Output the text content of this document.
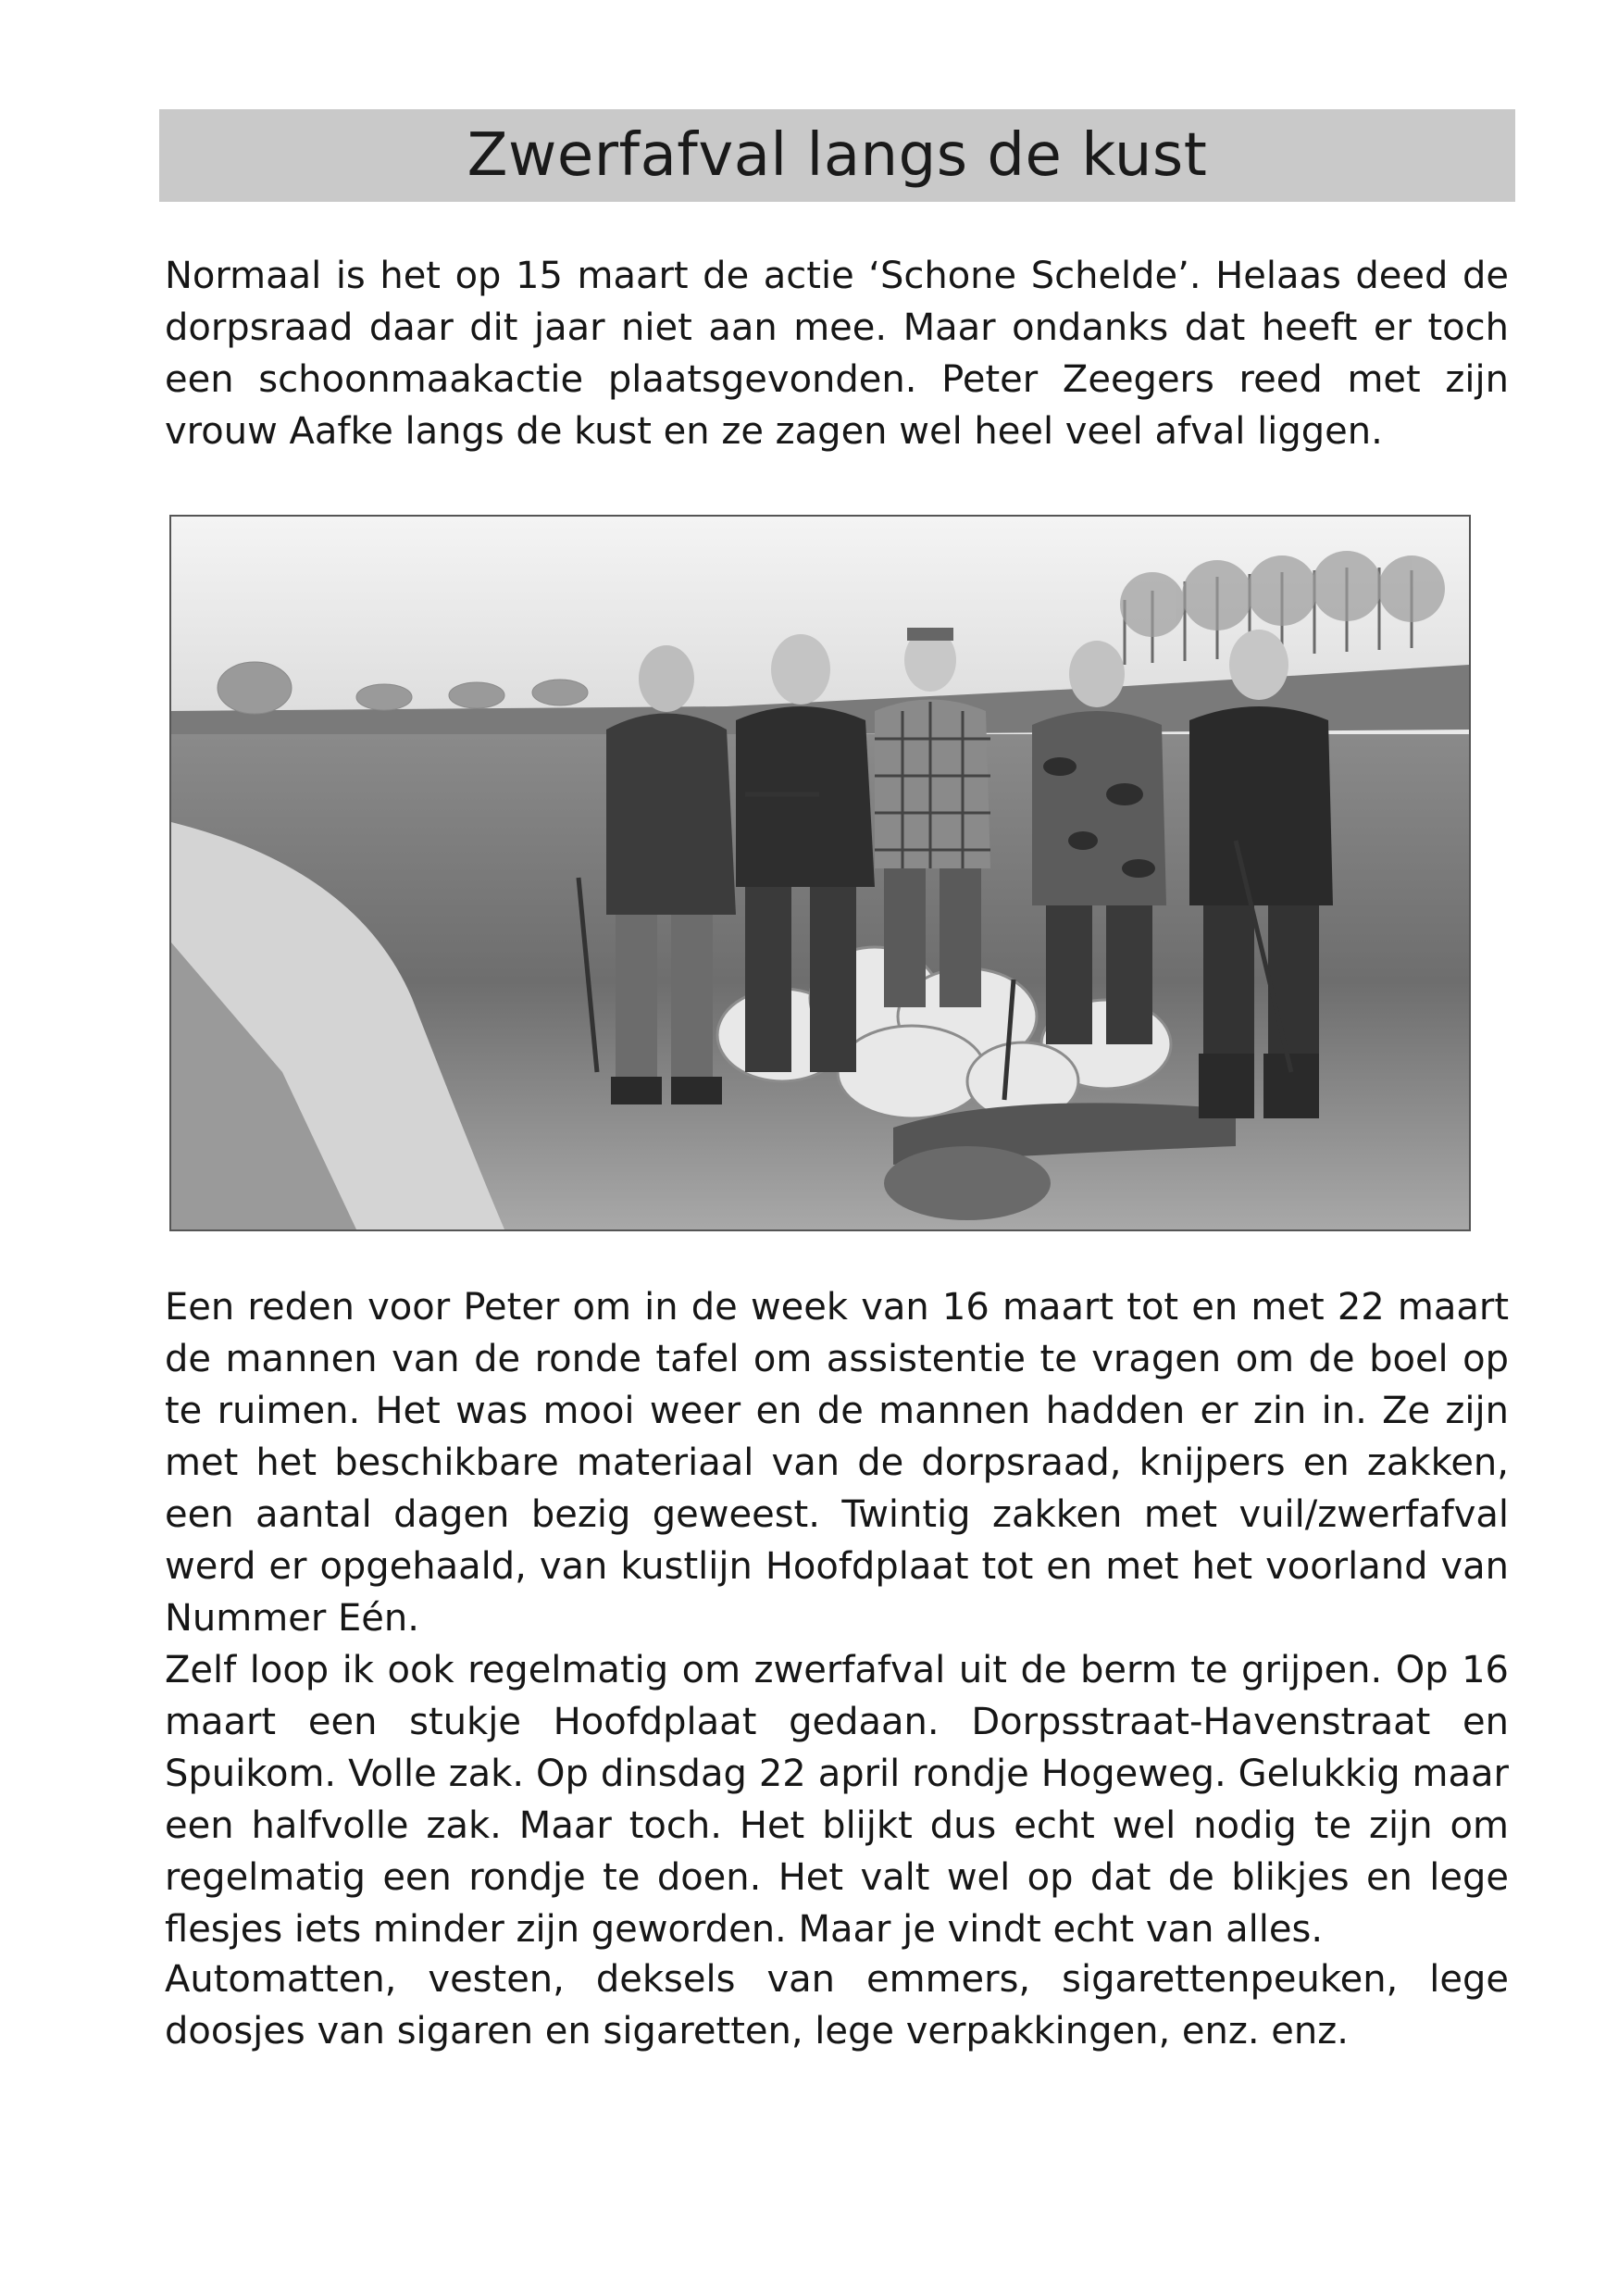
Zwerfafval langs de kust

Normaal is het op 15 maart de actie ‘Schone Schelde’. Helaas deed de dorpsraad daar dit jaar niet aan mee. Maar ondanks dat heeft er toch een schoonmaakactie plaatsgevonden. Peter Zeegers reed met zijn vrouw Aafke langs de kust en ze zagen wel heel veel afval liggen.

Een reden voor Peter om in de week van 16 maart tot en met 22 maart de mannen van de ronde tafel om assistentie te vragen om de boel op te ruimen. Het was mooi weer en de mannen hadden er zin in. Ze zijn met het beschikbare materiaal van de dorpsraad, knijpers en zakken, een aantal dagen bezig geweest. Twintig zakken met vuil/zwerfafval werd er opgehaald, van kustlijn Hoofdplaat tot en met het voorland van Nummer Eén.

Zelf loop ik ook regelmatig om zwerfafval uit de berm te grijpen. Op 16 maart een stukje Hoofdplaat gedaan. Dorpsstraat-Havenstraat en Spuikom. Volle zak. Op dinsdag 22 april rondje Hogeweg. Gelukkig maar een halfvolle zak. Maar toch. Het blijkt dus echt wel nodig te zijn om regelmatig een rondje te doen. Het valt wel op dat de blikjes en lege flesjes iets minder zijn geworden. Maar je vindt echt van alles.

Automatten, vesten, deksels van emmers, sigarettenpeuken, lege doosjes van sigaren en sigaretten, lege verpakkingen, enz. enz.
